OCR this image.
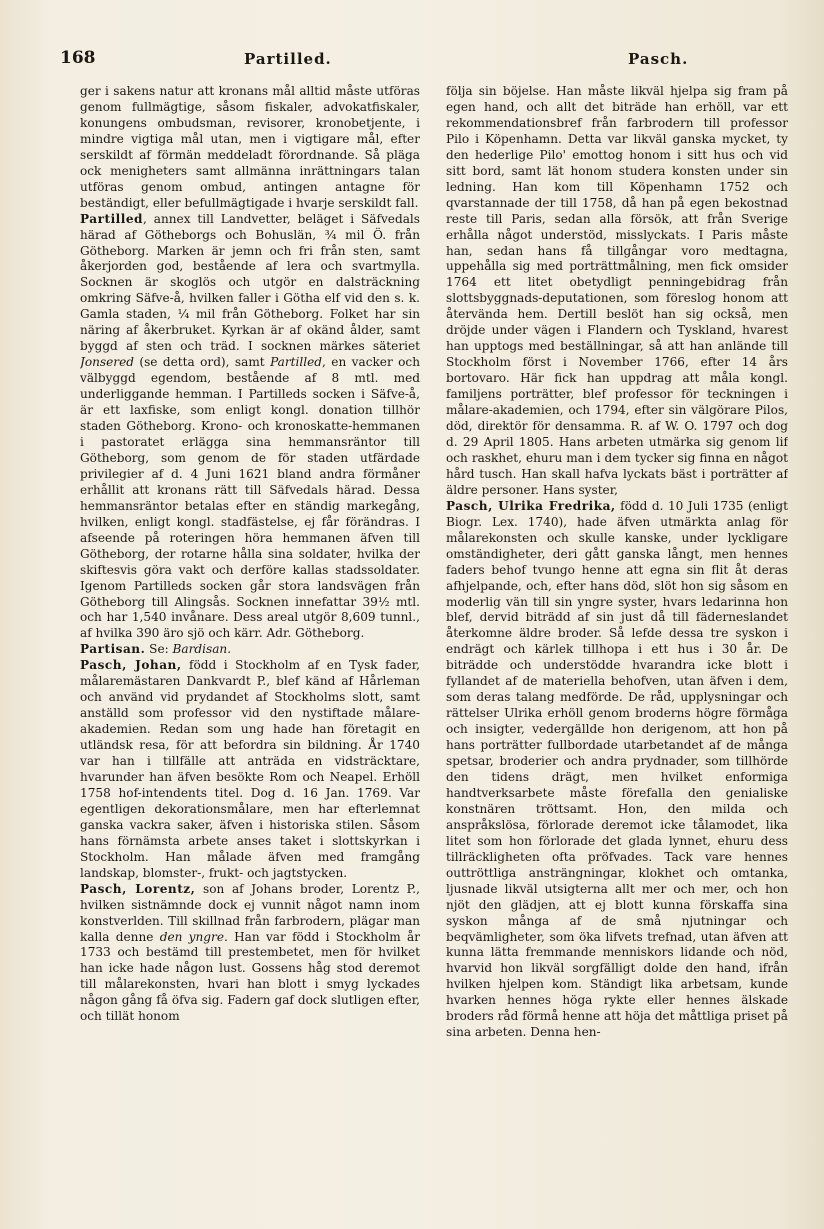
168	Partilled.	Pasch.

ger i sakens natur att kronans mål alltid måste utföras genom fullmägtige, såsom fiskaler, advokatfiskaler, konungens ombudsman, revisorer, kronobetjente, i mindre vigtiga mål utan, men i vigtigare mål, efter serskildt af förmän meddeladt förordnande. Så pläga ock menigheters samt allmänna inrättningars talan utföras genom ombud, antingen antagne för beständigt, eller befullmägtigade i hvarje serskildt fall.

Partilled, annex till Landvetter, beläget i Säfvedals härad af Götheborgs och Bohuslän, ¾ mil Ö. från Götheborg. Marken är jemn och fri från sten, samt åkerjorden god, bestående af lera och svartmylla. Socknen är skoglös och utgör en dalsträckning omkring Säfve-å, hvilken faller i Götha elf vid den s. k. Gamla staden, ¼ mil från Götheborg. Folket har sin näring af åkerbruket. Kyrkan är af okänd ålder, samt byggd af sten och träd. I socknen märkes säteriet Jonsered (se detta ord), samt Partilled, en vacker och välbyggd egendom, bestående af 8 mtl. med underliggande hemman. I Partilleds socken i Säfve-å, är ett laxfiske, som enligt kongl. donation tillhör staden Götheborg. Krono- och kronoskatte-hemmanen i pastoratet erlägga sina hemmansräntor till Götheborg, som genom de för staden utfärdade privilegier af d. 4 Juni 1621 bland andra förmåner erhållit att kronans rätt till Säfvedals härad. Dessa hemmansräntor betalas efter en ständig markegång, hvilken, enligt kongl. stadfästelse, ej får förändras. I afseende på roteringen höra hemmanen äfven till Götheborg, der rotarne hålla sina soldater, hvilka der skiftesvis göra vakt och derföre kallas stadssoldater. Igenom Partilleds socken går stora landsvägen från Götheborg till Alingsås. Socknen innefattar 39½ mtl. och har 1,540 invånare. Dess areal utgör 8,609 tunnl., af hvilka 390 äro sjö och kärr. Adr. Götheborg.

Partisan. Se: Bardisan.

Pasch, Johan, född i Stockholm af en Tysk fader, målaremästaren Dankvardt P., blef känd af Hårleman och använd vid prydandet af Stockholms slott, samt anställd som professor vid den nystiftade målare-akademien. Redan som ung hade han företagit en utländsk resa, för att befordra sin bildning. År 1740 var han i tillfälle att anträda en vidsträcktare, hvarunder han äfven besökte Rom och Neapel. Erhöll 1758 hof-intendents titel. Dog d. 16 Jan. 1769. Var egentligen dekorationsmålare, men har efterlemnat ganska vackra saker, äfven i historiska stilen. Såsom hans förnämsta arbete anses taket i slottskyrkan i Stockholm. Han målade äfven med framgång landskap, blomster-, frukt- och jagtstycken.

Pasch, Lorentz, son af Johans broder, Lorentz P., hvilken sistnämnde dock ej vunnit något namn inom konstverlden. Till skillnad från farbrodern, plägar man kalla denne den yngre. Han var född i Stockholm år 1733 och bestämd till prestembetet, men för hvilket han icke hade någon lust. Gossens håg stod deremot till målarekonsten, hvari han blott i smyg lyckades någon gång få öfva sig. Fadern gaf dock slutligen efter, och tillät honom

följa sin böjelse. Han måste likväl hjelpa sig fram på egen hand, och allt det biträde han erhöll, var ett rekommendationsbref från farbrodern till professor Pilo i Köpenhamn. Detta var likväl ganska mycket, ty den hederlige Pilo' emottog honom i sitt hus och vid sitt bord, samt lät honom studera konsten under sin ledning. Han kom till Köpenhamn 1752 och qvarstannade der till 1758, då han på egen bekostnad reste till Paris, sedan alla försök, att från Sverige erhålla något understöd, misslyckats. I Paris måste han, sedan hans få tillgångar voro medtagna, uppehålla sig med porträttmålning, men fick omsider 1764 ett litet obetydligt penningebidrag från slottsbyggnads-deputationen, som föreslog honom att återvända hem. Dertill beslöt han sig också, men dröjde under vägen i Flandern och Tyskland, hvarest han upptogs med beställningar, så att han anlände till Stockholm först i November 1766, efter 14 års bortovaro. Här fick han uppdrag att måla kongl. familjens porträtter, blef professor för teckningen i målare-akademien, och 1794, efter sin välgörare Pilos, död, direktör för densamma. R. af W. O. 1797 och dog d. 29 April 1805. Hans arbeten utmärka sig genom lif och raskhet, ehuru man i dem tycker sig finna en något hård tusch. Han skall hafva lyckats bäst i porträtter af äldre personer. Hans syster,

Pasch, Ulrika Fredrika, född d. 10 Juli 1735 (enligt Biogr. Lex. 1740), hade äfven utmärkta anlag för målarekonsten och skulle kanske, under lyckligare omständigheter, deri gått ganska långt, men hennes faders behof tvungo henne att egna sin flit åt deras afhjelpande, och, efter hans död, slöt hon sig såsom en moderlig vän till sin yngre syster, hvars ledarinna hon blef, dervid biträdd af sin just då till fäderneslandet återkomne äldre broder. Så lefde dessa tre syskon i endrägt och kärlek tillhopa i ett hus i 30 år. De biträdde och understödde hvarandra icke blott i fyllandet af de materiella behofven, utan äfven i dem, som deras talang medförde. De råd, upplysningar och rättelser Ulrika erhöll genom broderns högre förmåga och insigter, vedergällde hon derigenom, att hon på hans porträtter fullbordade utarbetandet af de många spetsar, broderier och andra prydnader, som tillhörde den tidens drägt, men hvilket enformiga handtverksarbete måste förefalla den genialiske konstnären tröttsamt. Hon, den milda och anspråkslösa, förlorade deremot icke tålamodet, lika litet som hon förlorade det glada lynnet, ehuru dess tillräckligheten ofta pröfvades. Tack vare hennes outtröttliga ansträngningar, klokhet och omtanka, ljusnade likväl utsigterna allt mer och mer, och hon njöt den glädjen, att ej blott kunna förskaffa sina syskon många af de små njutningar och beqvämligheter, som öka lifvets trefnad, utan äfven att kunna lätta fremmande menniskors lidande och nöd, hvarvid hon likväl sorgfälligt dolde den hand, ifrån hvilken hjelpen kom. Ständigt lika arbetsam, kunde hvarken hennes höga rykte eller hennes älskade broders råd förmå henne att höja det måttliga priset på sina arbeten. Denna hen-
